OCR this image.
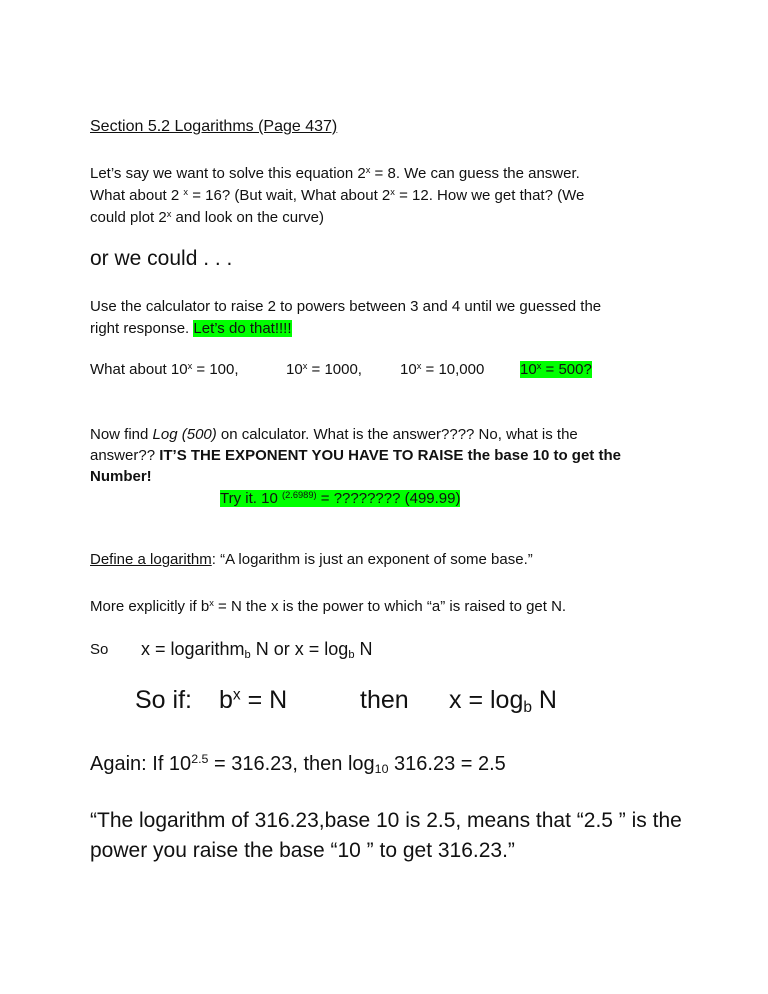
Section 5.2 Logarithms (Page 437)
Let’s say we want to solve this equation $2^x = 8$. We can guess the answer.
What about 2 $^x$ = 16? (But wait, What about $2^x = 12$. How we get that? (We
could plot 2$^x$ and look on the curve)
or we could . . .
Use the calculator to raise 2 to powers between 3 and 4 until we guessed the
right response. Let’s do that!!!!
What about $10^x = 100$,	$10^x = 1000$,	$10^x = 10,000$ $10^x = 500$?
Now find Log (500) on calculator. What is the answer???? No, what is the
answer?? IT’S THE EXPONENT YOU HAVE TO RAISE the base 10 to get the
Number!
Try it. 10 $^{(2.6989)}$ = ???????? (499.99)
Define a logarithm: “A logarithm is just an exponent of some base.”
More explicitly if $b^x = N$ the x is the power to which “a” is raised to get N.
So x = logarithm$_b$ N or $x = \log_b N$
So if: $b^x = N$	then $x = \log_b N$
Again: If $10^{2.5} = 316.23$, then $\log_{10} 316.23 = 2.5$
“The logarithm of 316.23,base 10 is 2.5, means that “2.5 ” is the
power you raise the base “10 ” to get 316.23.”
